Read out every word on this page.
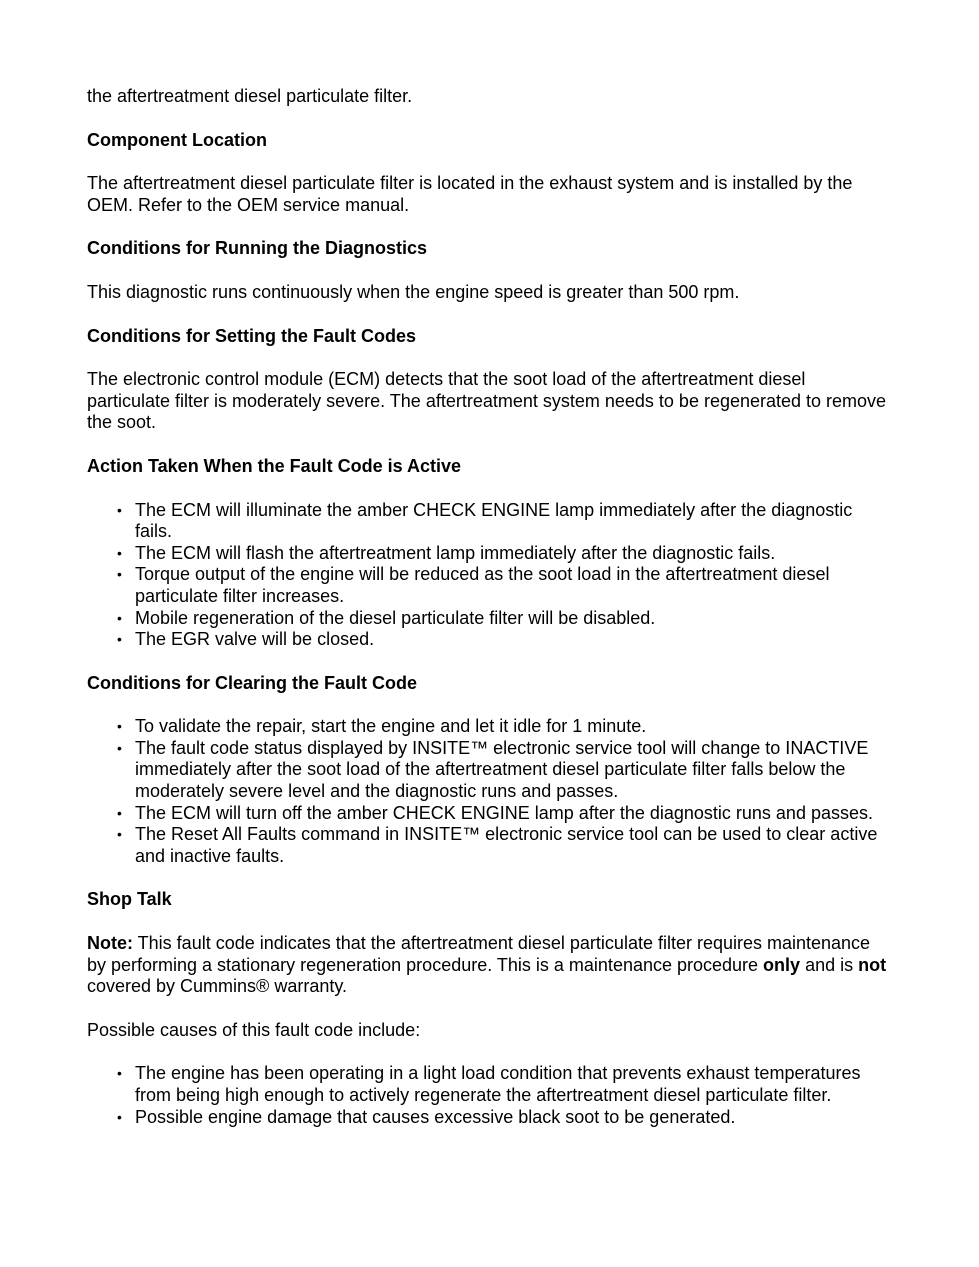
the aftertreatment diesel particulate filter.

Component Location

The aftertreatment diesel particulate filter is located in the exhaust system and is installed by the OEM. Refer to the OEM service manual.

Conditions for Running the Diagnostics

This diagnostic runs continuously when the engine speed is greater than 500 rpm.

Conditions for Setting the Fault Codes

The electronic control module (ECM) detects that the soot load of the aftertreatment diesel particulate filter is moderately severe. The aftertreatment system needs to be regenerated to remove the soot.

Action Taken When the Fault Code is Active
• The ECM will illuminate the amber CHECK ENGINE lamp immediately after the diagnostic fails.
• The ECM will flash the aftertreatment lamp immediately after the diagnostic fails.
• Torque output of the engine will be reduced as the soot load in the aftertreatment diesel particulate filter increases.
• Mobile regeneration of the diesel particulate filter will be disabled.
• The EGR valve will be closed.
Conditions for Clearing the Fault Code
• To validate the repair, start the engine and let it idle for 1 minute.
• The fault code status displayed by INSITE™ electronic service tool will change to INACTIVE immediately after the soot load of the aftertreatment diesel particulate filter falls below the moderately severe level and the diagnostic runs and passes.
• The ECM will turn off the amber CHECK ENGINE lamp after the diagnostic runs and passes.
• The Reset All Faults command in INSITE™ electronic service tool can be used to clear active and inactive faults.
Shop Talk

Note: This fault code indicates that the aftertreatment diesel particulate filter requires maintenance by performing a stationary regeneration procedure. This is a maintenance procedure only and is not covered by Cummins® warranty.

Possible causes of this fault code include:

• The engine has been operating in a light load condition that prevents exhaust temperatures from being high enough to actively regenerate the aftertreatment diesel particulate filter.
• Possible engine damage that causes excessive black soot to be generated.
